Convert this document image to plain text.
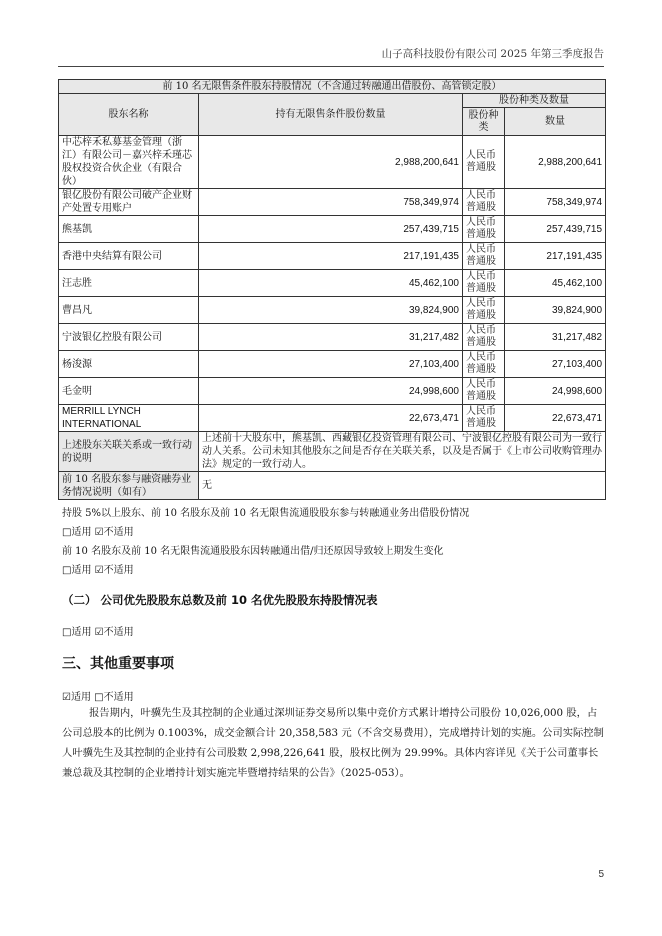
山子高科技股份有限公司 2025 年第三季度报告
前 10 名无限售条件股东持股情况（不含通过转融通出借股份、高管锁定股）			
股东名称	持有无限售条件股份数量	股份种类及数量	
		股份种类	数量
中芯梓禾私募基金管理（浙江）有限公司－嘉兴梓禾瑾芯股权投资合伙企业（有限合伙）	2,988,200,641	人民币普通股	2,988,200,641
银亿股份有限公司破产企业财产处置专用账户	758,349,974	人民币普通股	758,349,974
熊基凯	257,439,715	人民币普通股	257,439,715
香港中央结算有限公司	217,191,435	人民币普通股	217,191,435
汪志胜	45,462,100	人民币普通股	45,462,100
曹昌凡	39,824,900	人民币普通股	39,824,900
宁波银亿控股有限公司	31,217,482	人民币普通股	31,217,482
杨浚源	27,103,400	人民币普通股	27,103,400
毛金明	24,998,600	人民币普通股	24,998,600
MERRILL LYNCH INTERNATIONAL	22,673,471	人民币普通股	22,673,471
上述股东关联关系或一致行动的说明	上述前十大股东中，熊基凯、西藏银亿投资管理有限公司、宁波银亿控股有限公司为一致行动人关系。公司未知其他股东之间是否存在关联关系，以及是否属于《上市公司收购管理办法》规定的一致行动人。		
前 10 名股东参与融资融券业务情况说明（如有）	无		
持股 5%以上股东、前 10 名股东及前 10 名无限售流通股股东参与转融通业务出借股份情况
□适用 ☑不适用
前 10 名股东及前 10 名无限售流通股股东因转融通出借/归还原因导致较上期发生变化
□适用 ☑不适用
（二） 公司优先股股东总数及前 10 名优先股股东持股情况表
□适用 ☑不适用
三、其他重要事项
☑适用 □不适用
报告期内，叶骥先生及其控制的企业通过深圳证券交易所以集中竞价方式累计增持公司股份 10,026,000 股，占公司总股本的比例为 0.1003%，成交金额合计 20,358,583 元（不含交易费用），完成增持计划的实施。公司实际控制人叶骥先生及其控制的企业持有公司股数 2,998,226,641 股，股权比例为 29.99%。具体内容详见《关于公司董事长兼总裁及其控制的企业增持计划实施完毕暨增持结果的公告》（2025-053）。
5
